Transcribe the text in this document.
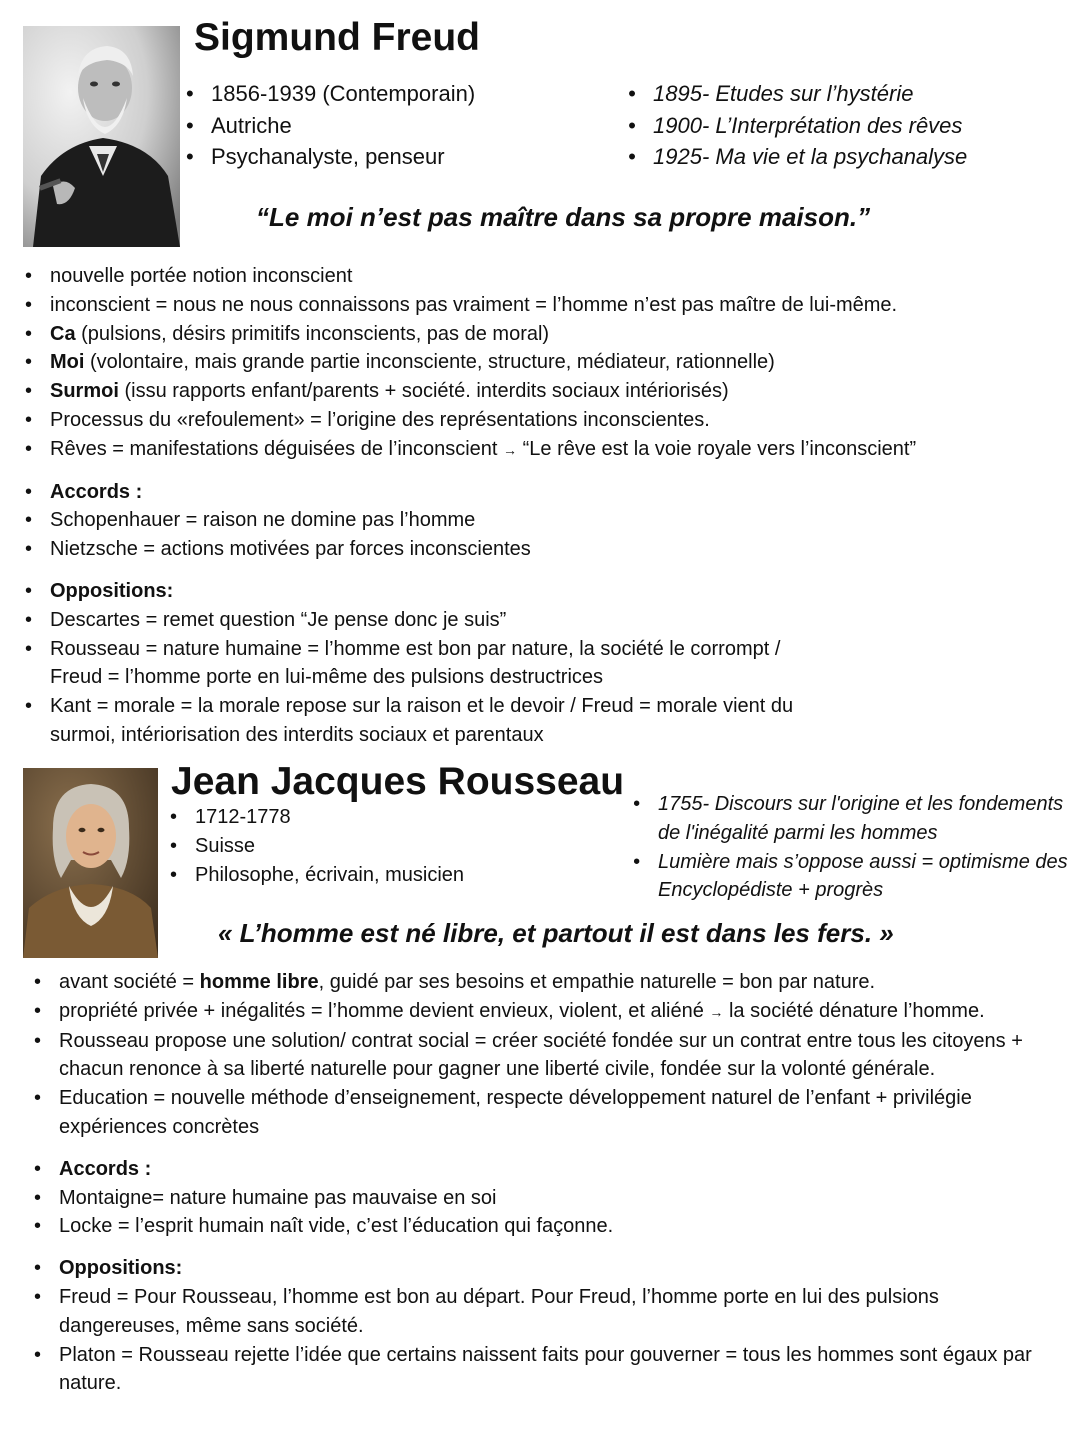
Sigmund Freud
• 1856-1939 (Contemporain)
• Autriche
• Psychanalyste, penseur
• 1895- Etudes sur l’hystérie
• 1900- L’Interprétation des rêves
• 1925- Ma vie et la psychanalyse
“Le moi n’est pas maître dans sa propre maison.”
• nouvelle portée notion inconscient
• inconscient = nous ne nous connaissons pas vraiment = l’homme n’est pas maître de lui-même.
• Ca (pulsions, désirs primitifs inconscients, pas de moral)
• Moi (volontaire, mais grande partie inconsciente, structure, médiateur, rationnelle)
• Surmoi (issu rapports enfant/parents + société. interdits sociaux intériorisés)
• Processus du «refoulement» = l’origine des représentations inconscientes.
• Rêves = manifestations déguisées de l’inconscient → “Le rêve est la voie royale vers l’inconscient”
• Accords :
• Schopenhauer = raison ne domine pas l’homme
• Nietzsche = actions motivées par forces inconscientes
• Oppositions:
• Descartes = remet question “Je pense donc je suis”
• Rousseau = nature humaine = l’homme est bon par nature, la société le corrompt / Freud = l’homme porte en lui-même des pulsions destructrices
• Kant = morale = la morale repose sur la raison et le devoir / Freud = morale vient du surmoi, intériorisation des interdits sociaux et parentaux
Jean Jacques Rousseau
• 1712-1778
• Suisse
• Philosophe, écrivain, musicien
• 1755- Discours sur l'origine et les fondements de l'inégalité parmi les hommes
• Lumière mais s’oppose aussi = optimisme des Encyclopédiste + progrès
« L’homme est né libre, et partout il est dans les fers. »
• avant société = homme libre, guidé par ses besoins et empathie naturelle = bon par nature.
• propriété privée + inégalités = l’homme devient envieux, violent, et aliéné → la société dénature l’homme.
• Rousseau propose une solution/ contrat social = créer société fondée sur un contrat entre tous les citoyens + chacun renonce à sa liberté naturelle pour gagner une liberté civile, fondée sur la volonté générale.
• Education = nouvelle méthode d’enseignement, respecte développement naturel de l’enfant + privilégie expériences concrètes
• Accords :
• Montaigne= nature humaine pas mauvaise en soi
• Locke = l’esprit humain naît vide, c’est l’éducation qui façonne.
• Oppositions:
• Freud = Pour Rousseau, l’homme est bon au départ. Pour Freud, l’homme porte en lui des pulsions dangereuses, même sans société.
• Platon = Rousseau rejette l’idée que certains naissent faits pour gouverner = tous les hommes sont égaux par nature.
